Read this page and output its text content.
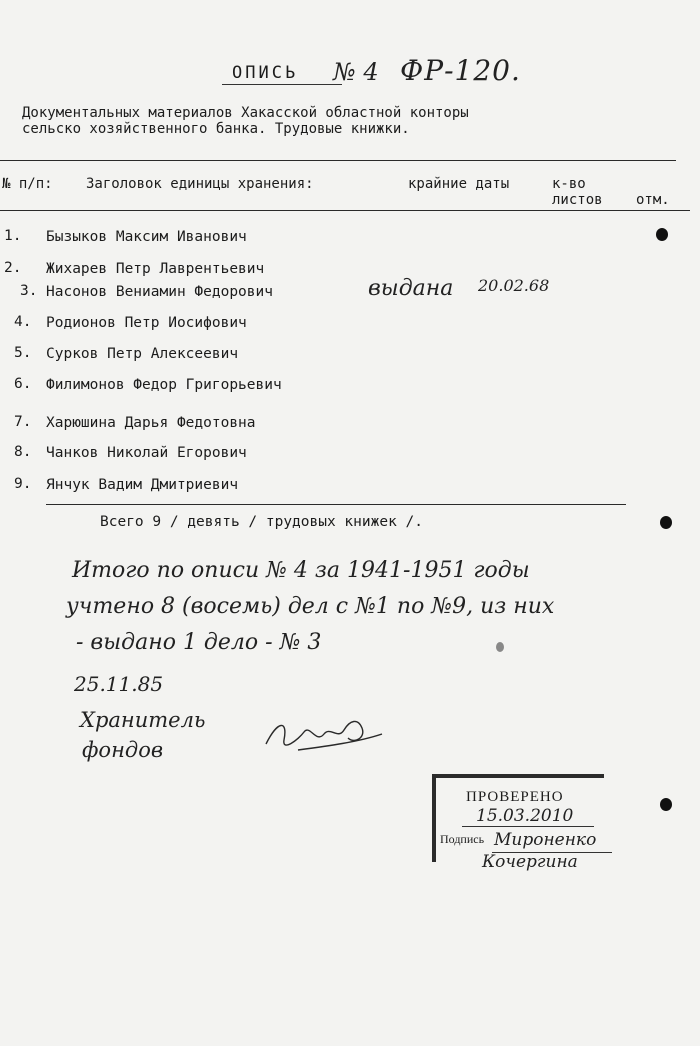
ОПИСЬ № 4 ФР-120.
Документальных материалов Хакасской областной конторы
сельско хозяйственного банка. Трудовые книжки.
№ п/п: Заголовок единицы хранения:	крайние даты	к-во
листов отм.
1. Бызыков Максим Иванович
2. Жихарев Петр Лаврентьевич
3. Насонов Вениамин Федорович
4. Родионов Петр Иосифович
5. Сурков Петр Алексеевич
6. Филимонов Федор Григорьевич
7. Харюшина Дарья Федотовна
8. Чанков Николай Егорович
9. Янчук Вадим Дмитриевич
выдана 20.02.68
Всего 9 / девять / трудовых книжек /.
Итого по описи № 4 за 1941-1951 годы
учтено 8 (восемь) дел с №1 по №9, из них
- выдано 1 дело - № 3
25.11.85
Хранитель
фондов
ПРОВЕРЕНО
15.03.2010
Подпись Мироненко
Кочергина
